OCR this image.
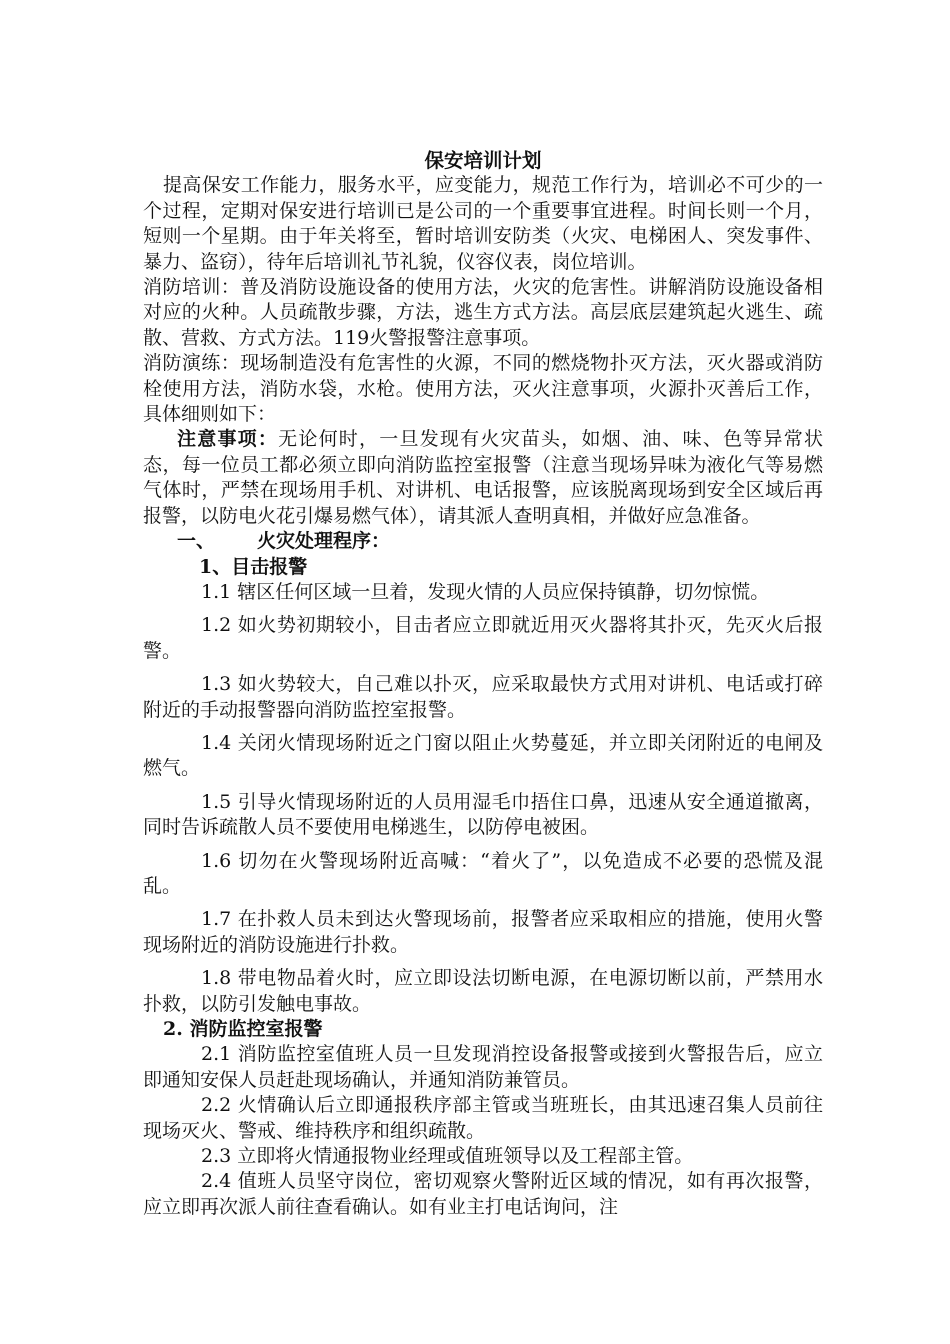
保安培训计划

提高保安工作能力，服务水平，应变能力，规范工作行为，培训必不可少的一个过程，定期对保安进行培训已是公司的一个重要事宜进程。时间长则一个月，短则一个星期。由于年关将至，暂时培训安防类（火灾、电梯困人、突发事件、暴力、盗窃），待年后培训礼节礼貌，仪容仪表，岗位培训。

消防培训：普及消防设施设备的使用方法，火灾的危害性。讲解消防设施设备相对应的火种。人员疏散步骤，方法，逃生方式方法。高层底层建筑起火逃生、疏散、营救、方式方法。119火警报警注意事项。

消防演练：现场制造没有危害性的火源，不同的燃烧物扑灭方法，灭火器或消防栓使用方法，消防水袋，水枪。使用方法，灭火注意事项，火源扑灭善后工作，具体细则如下：

注意事项：无论何时，一旦发现有火灾苗头，如烟、油、味、色等异常状态，每一位员工都必须立即向消防监控室报警（注意当现场异味为液化气等易燃气体时，严禁在现场用手机、对讲机、电话报警，应该脱离现场到安全区域后再报警，以防电火花引爆易燃气体），请其派人查明真相，并做好应急准备。

一、 火灾处理程序：

1、目击报警

1.1 辖区任何区域一旦着，发现火情的人员应保持镇静，切勿惊慌。

1.2 如火势初期较小，目击者应立即就近用灭火器将其扑灭，先灭火后报警。

1.3 如火势较大，自己难以扑灭，应采取最快方式用对讲机、电话或打碎附近的手动报警器向消防监控室报警。

1.4 关闭火情现场附近之门窗以阻止火势蔓延，并立即关闭附近的电闸及燃气。

1.5 引导火情现场附近的人员用湿毛巾捂住口鼻，迅速从安全通道撤离，同时告诉疏散人员不要使用电梯逃生，以防停电被困。

1.6 切勿在火警现场附近高喊：“着火了”，以免造成不必要的恐慌及混乱。

1.7 在扑救人员未到达火警现场前，报警者应采取相应的措施，使用火警现场附近的消防设施进行扑救。

1.8 带电物品着火时，应立即设法切断电源，在电源切断以前，严禁用水扑救，以防引发触电事故。

2. 消防监控室报警

2.1 消防监控室值班人员一旦发现消控设备报警或接到火警报告后，应立即通知安保人员赶赴现场确认，并通知消防兼管员。

2.2 火情确认后立即通报秩序部主管或当班班长，由其迅速召集人员前往现场灭火、警戒、维持秩序和组织疏散。

2.3 立即将火情通报物业经理或值班领导以及工程部主管。

2.4 值班人员坚守岗位，密切观察火警附近区域的情况，如有再次报警，应立即再次派人前往查看确认。如有业主打电话询问，注
